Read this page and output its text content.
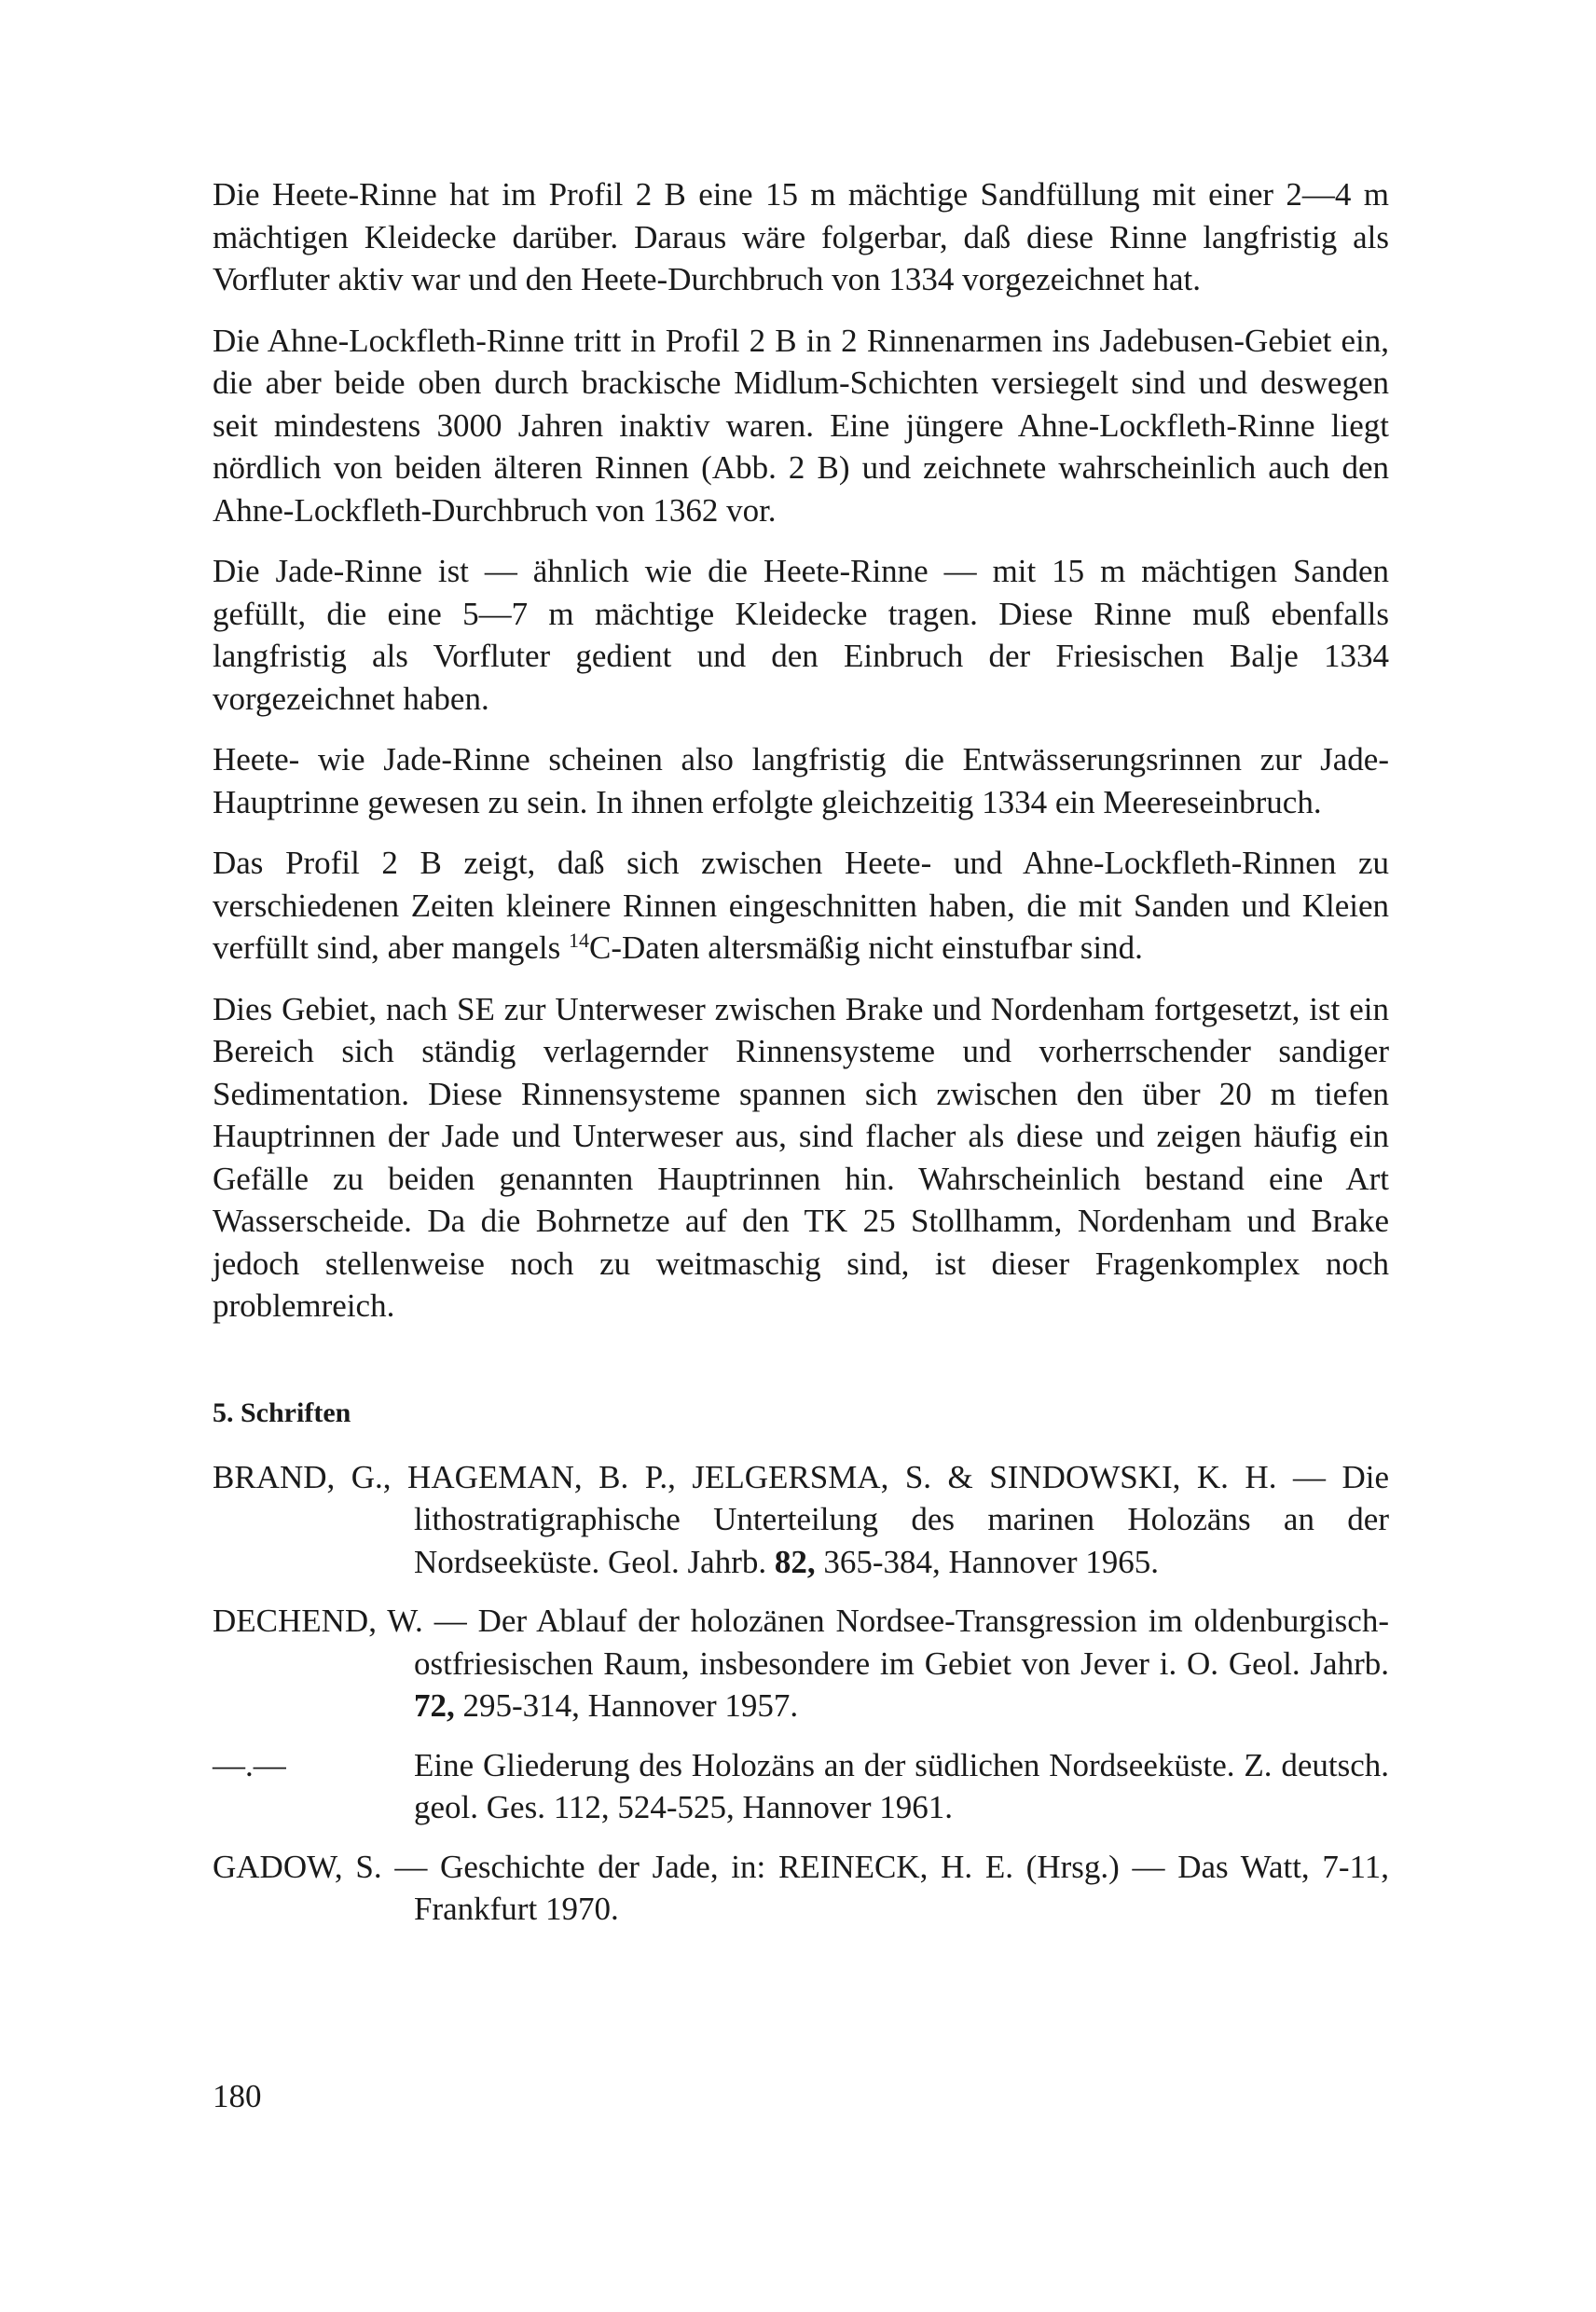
Die Heete-Rinne hat im Profil 2 B eine 15 m mächtige Sandfüllung mit einer 2—4 m mächtigen Kleidecke darüber. Daraus wäre folgerbar, daß diese Rinne langfristig als Vorfluter aktiv war und den Heete-Durchbruch von 1334 vorgezeichnet hat.

Die Ahne-Lockfleth-Rinne tritt in Profil 2 B in 2 Rinnenarmen ins Jadebusen-Gebiet ein, die aber beide oben durch brackische Midlum-Schichten versiegelt sind und deswegen seit mindestens 3000 Jahren inaktiv waren. Eine jüngere Ahne-Lockfleth-Rinne liegt nördlich von beiden älteren Rinnen (Abb. 2 B) und zeichnete wahrscheinlich auch den Ahne-Lockfleth-Durchbruch von 1362 vor.

Die Jade-Rinne ist — ähnlich wie die Heete-Rinne — mit 15 m mächtigen Sanden gefüllt, die eine 5—7 m mächtige Kleidecke tragen. Diese Rinne muß ebenfalls langfristig als Vorfluter gedient und den Einbruch der Friesischen Balje 1334 vorgezeichnet haben.

Heete- wie Jade-Rinne scheinen also langfristig die Entwässerungsrinnen zur Jade-Hauptrinne gewesen zu sein. In ihnen erfolgte gleichzeitig 1334 ein Meereseinbruch.

Das Profil 2 B zeigt, daß sich zwischen Heete- und Ahne-Lockfleth-Rinnen zu verschiedenen Zeiten kleinere Rinnen eingeschnitten haben, die mit Sanden und Kleien verfüllt sind, aber mangels $^{14}$C-Daten altersmäßig nicht einstufbar sind.

Dies Gebiet, nach SE zur Unterweser zwischen Brake und Nordenham fortgesetzt, ist ein Bereich sich ständig verlagernder Rinnensysteme und vorherrschender sandiger Sedimentation. Diese Rinnensysteme spannen sich zwischen den über 20 m tiefen Hauptrinnen der Jade und Unterweser aus, sind flacher als diese und zeigen häufig ein Gefälle zu beiden genannten Hauptrinnen hin. Wahrscheinlich bestand eine Art Wasserscheide. Da die Bohrnetze auf den TK 25 Stollhamm, Nordenham und Brake jedoch stellenweise noch zu weitmaschig sind, ist dieser Fragenkomplex noch problemreich.

5. Schriften
BRAND, G., HAGEMAN, B. P., JELGERSMA, S. & SINDOWSKI, K. H. — Die lithostratigraphische Unterteilung des marinen Holozäns an der Nordseeküste. Geol. Jahrb. 82, 365-384, Hannover 1965.
DECHEND, W. — Der Ablauf der holozänen Nordsee-Transgression im oldenburgisch-ostfriesischen Raum, insbesondere im Gebiet von Jever i. O. Geol. Jahrb. 72, 295-314, Hannover 1957.
—.—	Eine Gliederung des Holozäns an der südlichen Nordseeküste. Z. deutsch. geol. Ges. 112, 524-525, Hannover 1961.
GADOW, S. — Geschichte der Jade, in: REINECK, H. E. (Hrsg.) — Das Watt, 7-11, Frankfurt 1970.
180
